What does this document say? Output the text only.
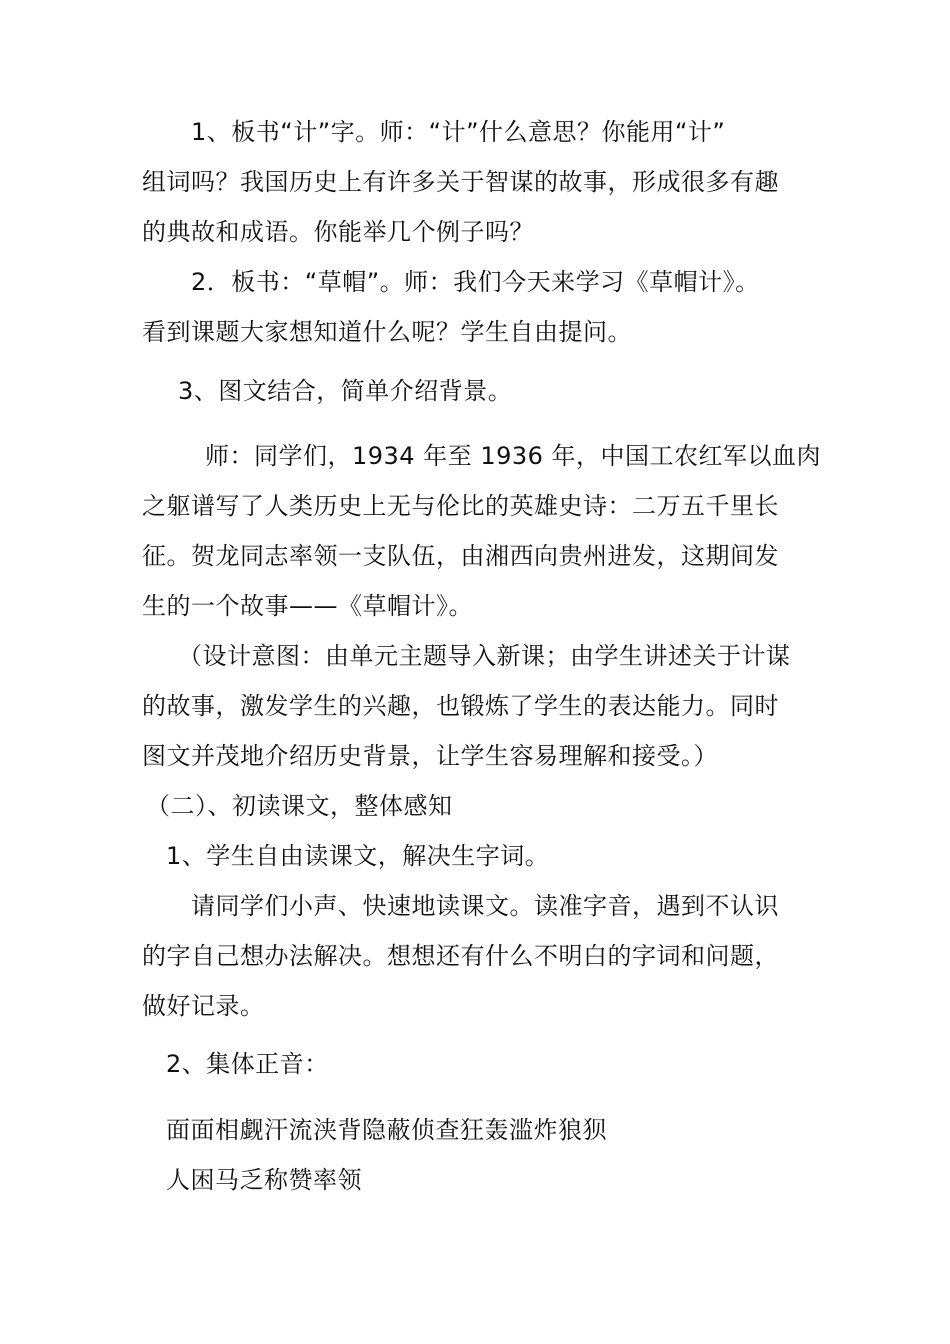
1、板书“计”字。师：“计”什么意思？你能用“计”
组词吗？我国历史上有许多关于智谋的故事，形成很多有趣
的典故和成语。你能举几个例子吗？
2．板书：“草帽”。师：我们今天来学习《草帽计》。
看到课题大家想知道什么呢？学生自由提问。
3、图文结合，简单介绍背景。
师：同学们，1934 年至 1936 年，中国工农红军以血肉
之躯谱写了人类历史上无与伦比的英雄史诗：二万五千里长
征。贺龙同志率领一支队伍，由湘西向贵州进发，这期间发
生的一个故事——《草帽计》。
（设计意图：由单元主题导入新课；由学生讲述关于计谋
的故事，激发学生的兴趣，也锻炼了学生的表达能力。同时
图文并茂地介绍历史背景，让学生容易理解和接受。）
（二）、初读课文，整体感知
1、学生自由读课文，解决生字词。
请同学们小声、快速地读课文。读准字音，遇到不认识
的字自己想办法解决。想想还有什么不明白的字词和问题，
做好记录。
2、集体正音：
面面相觑汗流浃背隐蔽侦查狂轰滥炸狼狈
人困马乏称赞率领
